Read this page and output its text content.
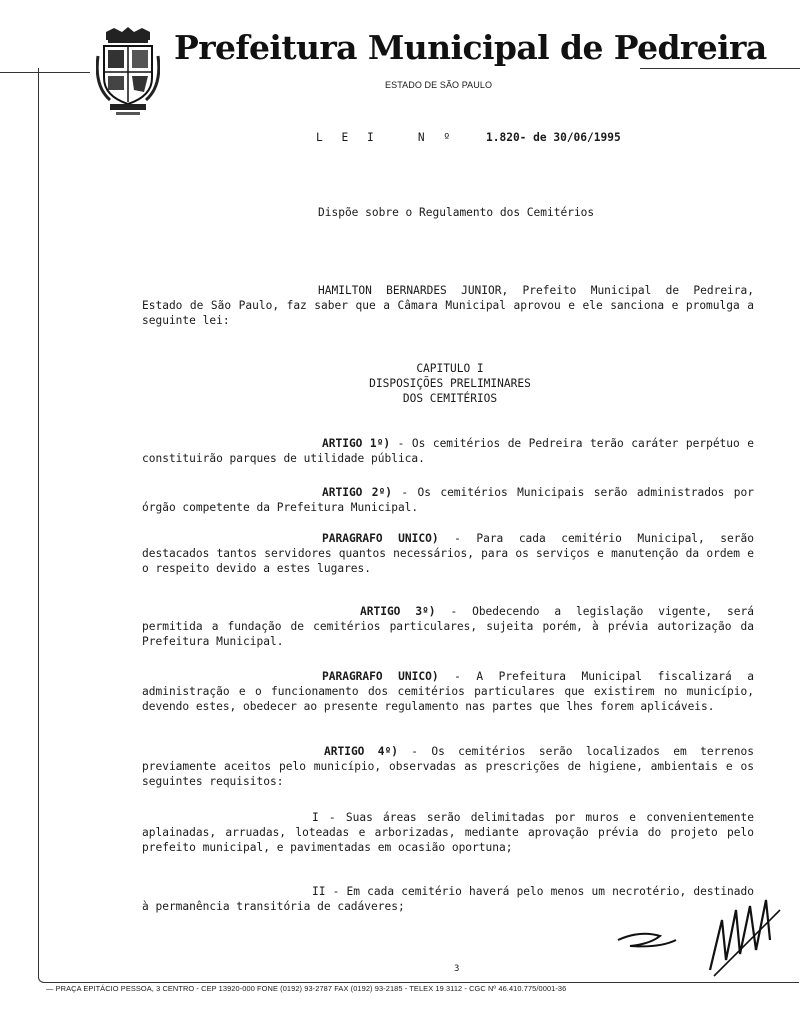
Prefeitura Municipal de Pedreira
ESTADO DE SÃO PAULO
L E I   N º	1.820- de 30/06/1995
Dispõe sobre o Regulamento dos Cemitérios
HAMILTON BERNARDES JUNIOR, Prefeito Municipal de Pedreira, Estado de São Paulo, faz saber que a Câmara Municipal aprovou e ele sanciona e promulga a seguinte lei:
CAPITULO I
DISPOSIÇÕES PRELIMINARES
DOS CEMITÉRIOS
ARTIGO 1º) - Os cemitérios de Pedreira terão caráter perpétuo e constituirão parques de utilidade pública.
ARTIGO 2º) - Os cemitérios Municipais serão administrados por órgão competente da Prefeitura Municipal.
PARAGRAFO UNICO) - Para cada cemitério Municipal, serão destacados tantos servidores quantos necessários, para os serviços e manutenção da ordem e o respeito devido a estes lugares.
ARTIGO 3º) - Obedecendo a legislação vigente, será permitida a fundação de cemitérios particulares, sujeita porém, à prévia autorização da Prefeitura Municipal.
PARAGRAFO UNICO) - A Prefeitura Municipal fiscalizará a administração e o funcionamento dos cemitérios particulares que existirem no município, devendo estes, obedecer ao presente regulamento nas partes que lhes forem aplicáveis.
ARTIGO 4º) - Os cemitérios serão localizados em terrenos previamente aceitos pelo município, observadas as prescrições de higiene, ambientais e os seguintes requisitos:
I - Suas áreas serão delimitadas por muros e convenientemente aplainadas, arruadas, loteadas e arborizadas, mediante aprovação prévia do projeto pelo prefeito municipal, e pavimentadas em ocasião oportuna;
II - Em cada cemitério haverá pelo menos um necrotério, destinado à permanência transitória de cadáveres;
3
— PRAÇA EPITÁCIO PESSOA, 3 CENTRO - CEP 13920-000 FONE (0192) 93-2787 FAX (0192) 93-2185 - TELEX 19 3112 - CGC Nº 46.410.775/0001-36
